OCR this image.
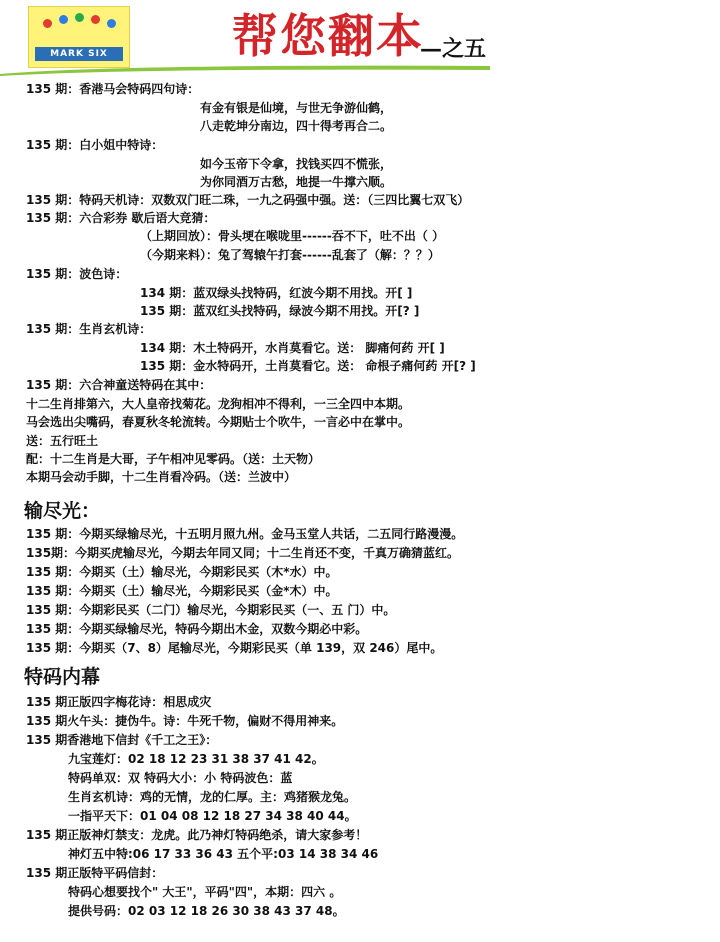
MARK SIX	帮您翻本
—之五
135 期：香港马会特码四句诗：
有金有银是仙境，与世无争游仙鹤，
八走乾坤分南边，四十得考再合二。
135 期：白小姐中特诗：
如今玉帝下令拿，找钱买四不慌张，
为你同酒万古愁，地提一牛撑六顺。
135 期：特码天机诗：双数双门旺二珠，一九之码强中强。送：（三四比翼七双飞）
135 期：六合彩券 歇后语大竞猜：
（上期回放）：骨头埂在喉咙里------吞不下，吐不出（ ）
（今期来料）：兔了驾辕午打套------乱套了（解：？？）
135 期：波色诗：
134 期：蓝双绿头找特码，红波今期不用找。开[ ]
135 期：蓝双红头找特码，绿波今期不用找。开[? ]
135 期：生肖玄机诗：
134 期：木土特码开，水肖莫看它。送： 脚痛何药 开[ ]
135 期：金水特码开，土肖莫看它。送： 命根子痛何药 开[? ]
135 期：六合神童送特码在其中：
十二生肖排第六，大人皇帝找菊花。龙狗相冲不得利，一三全四中本期。
马会选出尖嘴码，春夏秋冬轮流转。今期贴士个吹牛，一言必中在掌中。
送：五行旺土
配：十二生肖是大哥，子午相冲见零码。（送：土天物）
本期马会动手脚，十二生肖看冷码。（送：兰波中）
输尽光：
135 期：今期买绿输尽光，十五明月照九州。金马玉堂人共话，二五同行路漫漫。
135期：今期买虎输尽光，今期去年同又同；十二生肖还不变，千真万确猜蓝红。
135 期：今期买（土）输尽光，今期彩民买（木*水）中。
135 期：今期买（土）输尽光，今期彩民买（金*木）中。
135 期：今期彩民买（二门）输尽光，今期彩民买（一、五 门）中。
135 期：今期买绿输尽光，特码今期出木金，双数今期必中彩。
135 期：今期买（7、8）尾输尽光，今期彩民买（单 139，双 246）尾中。
特码内幕
135 期正版四字梅花诗：相思成灾
135 期火午头：捷伪牛。诗：牛死千物，偏财不得用神来。
135 期香港地下信封《千工之王》：
九宝莲灯：02 18 12 23 31 38 37 41 42。
特码单双：双 特码大小：小 特码波色：蓝
生肖玄机诗：鸡的无情，龙的仁厚。主：鸡猪猴龙兔。
一指平天下：01 04 08 12 18 27 34 38 40 44。
135 期正版神灯禁支：龙虎。此乃神灯特码绝杀，请大家参考！
神灯五中特:06 17 33 36 43 五个平:03 14 38 34 46
135 期正版特平码信封：
特码心想要找个" 大王"，平码"四"，本期：四六 。
提供号码：02 03 12 18 26 30 38 43 37 48。
